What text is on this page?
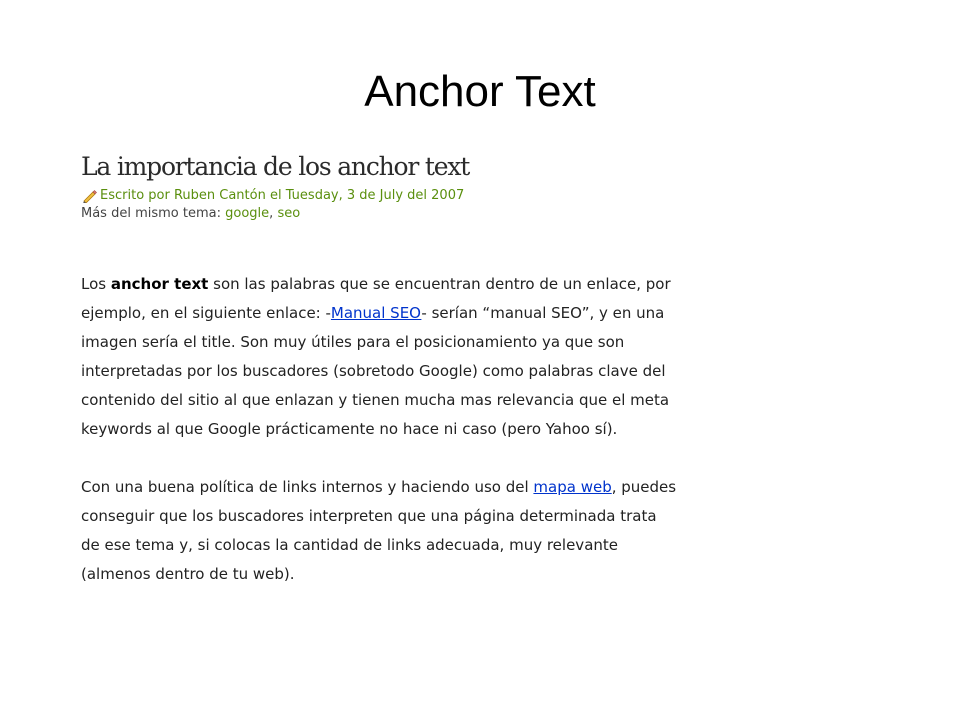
Anchor Text
La importancia de los anchor text
Escrito por Ruben Cantón el Tuesday, 3 de July del 2007
Más del mismo tema: google, seo
Los anchor text son las palabras que se encuentran dentro de un enlace, por
ejemplo, en el siguiente enlace: -Manual SEO- serían “manual SEO”, y en una
imagen sería el title. Son muy útiles para el posicionamiento ya que son
interpretadas por los buscadores (sobretodo Google) como palabras clave del
contenido del sitio al que enlazan y tienen mucha mas relevancia que el meta
keywords al que Google prácticamente no hace ni caso (pero Yahoo sí).
Con una buena política de links internos y haciendo uso del mapa web, puedes
conseguir que los buscadores interpreten que una página determinada trata
de ese tema y, si colocas la cantidad de links adecuada, muy relevante
(almenos dentro de tu web).
